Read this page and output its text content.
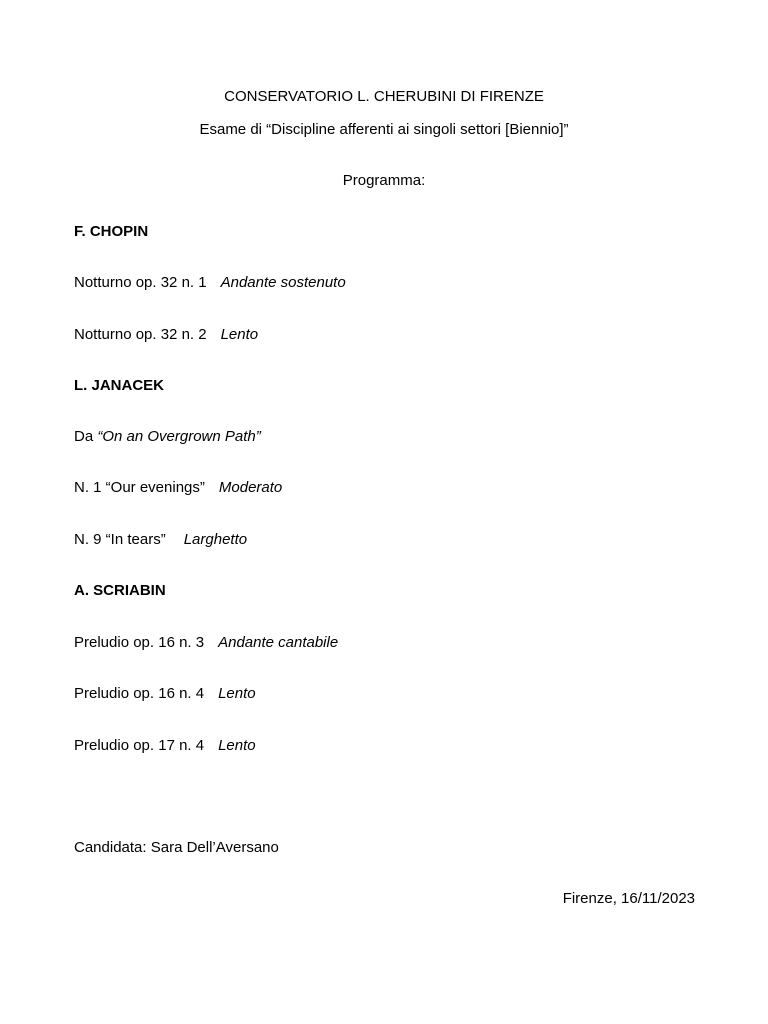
CONSERVATORIO L. CHERUBINI DI FIRENZE
Esame di “Discipline afferenti ai singoli settori [Biennio]”
Programma:
F. CHOPIN
Notturno op. 32 n. 1 Andante sostenuto
Notturno op. 32 n. 2 Lento
L. JANACEK
Da “On an Overgrown Path”
N. 1 “Our evenings” Moderato
N. 9 “In tears” Larghetto
A. SCRIABIN
Preludio op. 16 n. 3 Andante cantabile
Preludio op. 16 n. 4 Lento
Preludio op. 17 n. 4 Lento
Candidata: Sara Dell’Aversano
Firenze, 16/11/2023
